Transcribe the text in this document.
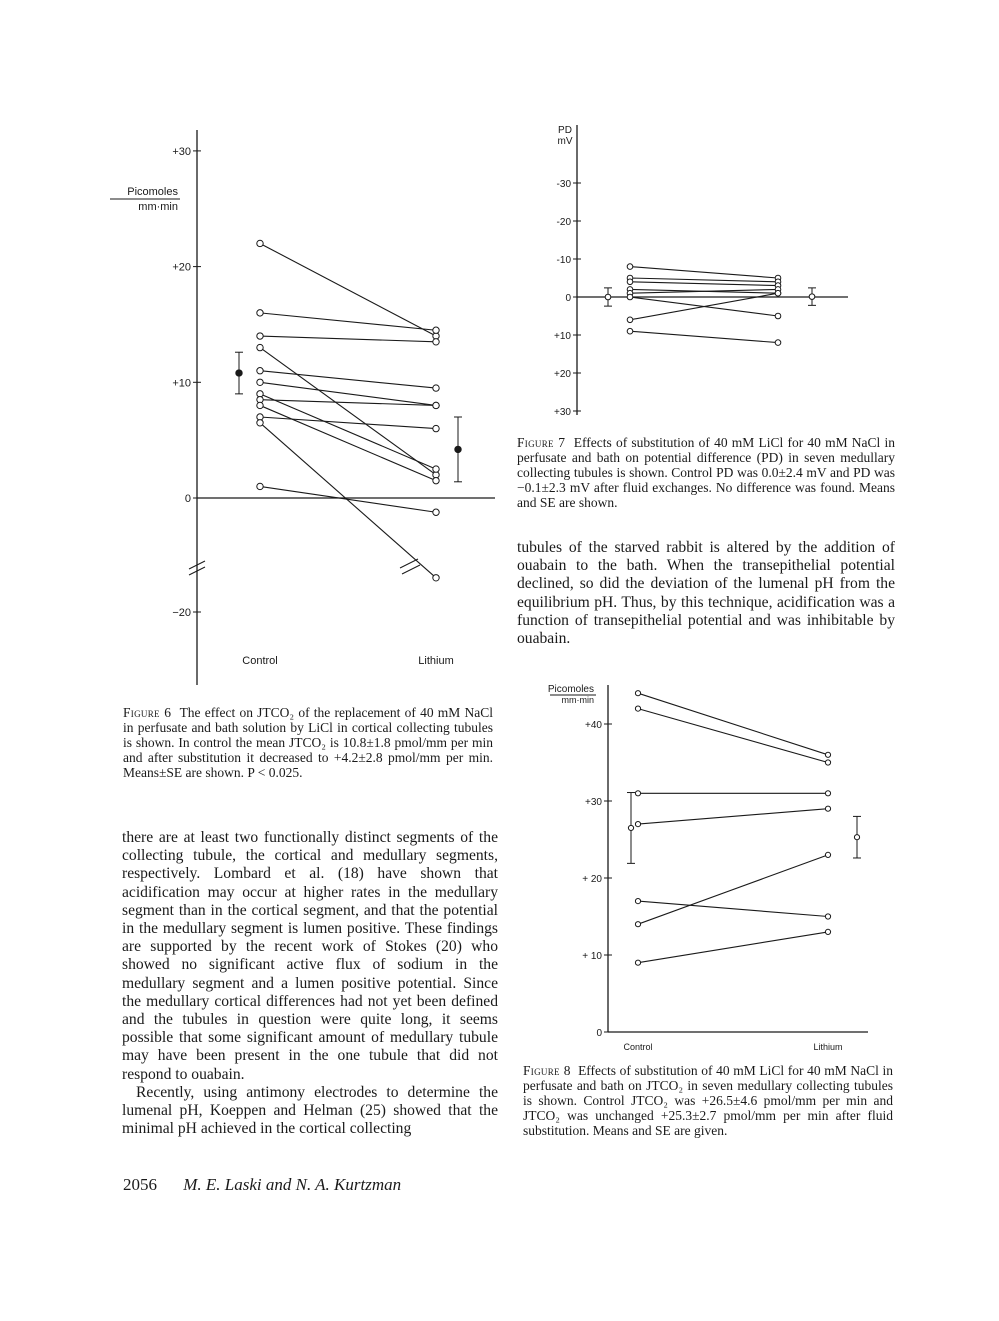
Picomoles
mm·min
+30
+20
+10
0
−20
Control	Lithium
Figure 6 The effect on JTCO₂ of the replacement of 40 mM NaCl in perfusate and bath solution by LiCl in cortical collecting tubules is shown. In control the mean JTCO₂ is 10.8±1.8 pmol/mm per min and after substitution it decreased to +4.2±2.8 pmol/mm per min. Means±SE are shown. P < 0.025.
PD
mV
-30
-20
-10
0
+10
+20
+30
Figure 7 Effects of substitution of 40 mM LiCl for 40 mM NaCl in perfusate and bath on potential difference (PD) in seven medullary collecting tubules is shown. Control PD was 0.0±2.4 mV and PD was −0.1±2.3 mV after fluid exchanges. No difference was found. Means and SE are shown.

tubules of the starved rabbit is altered by the addition of ouabain to the bath. When the transepithelial potential declined, so did the deviation of the lumenal pH from the equilibrium pH. Thus, by this technique, acidification was a function of transepithelial potential and was inhibitable by ouabain.

Picomoles
mm·min
0
+ 10
+ 20
+30
+40
Control	Lithium
Figure 8 Effects of substitution of 40 mM LiCl for 40 mM NaCl in perfusate and bath on JTCO₂ in seven medullary collecting tubules is shown. Control JTCO₂ was +26.5±4.6 pmol/mm per min and JTCO₂ was unchanged +25.3±2.7 pmol/mm per min after fluid substitution. Means and SE are given.

there are at least two functionally distinct segments of the collecting tubule, the cortical and medullary segments, respectively. Lombard et al. (18) have shown that acidification may occur at higher rates in the medullary segment than in the cortical segment, and that the potential in the medullary segment is lumen positive. These findings are supported by the recent work of Stokes (20) who showed no significant active flux of sodium in the medullary segment and a lumen positive potential. Since the medullary cortical differences had not yet been defined and the tubules in question were quite long, it seems possible that some significant amount of medullary tubule may have been present in the one tubule that did not respond to ouabain.

Recently, using antimony electrodes to determine the lumenal pH, Koeppen and Helman (25) showed that the minimal pH achieved in the cortical collecting

2056 M. E. Laski and N. A. Kurtzman
